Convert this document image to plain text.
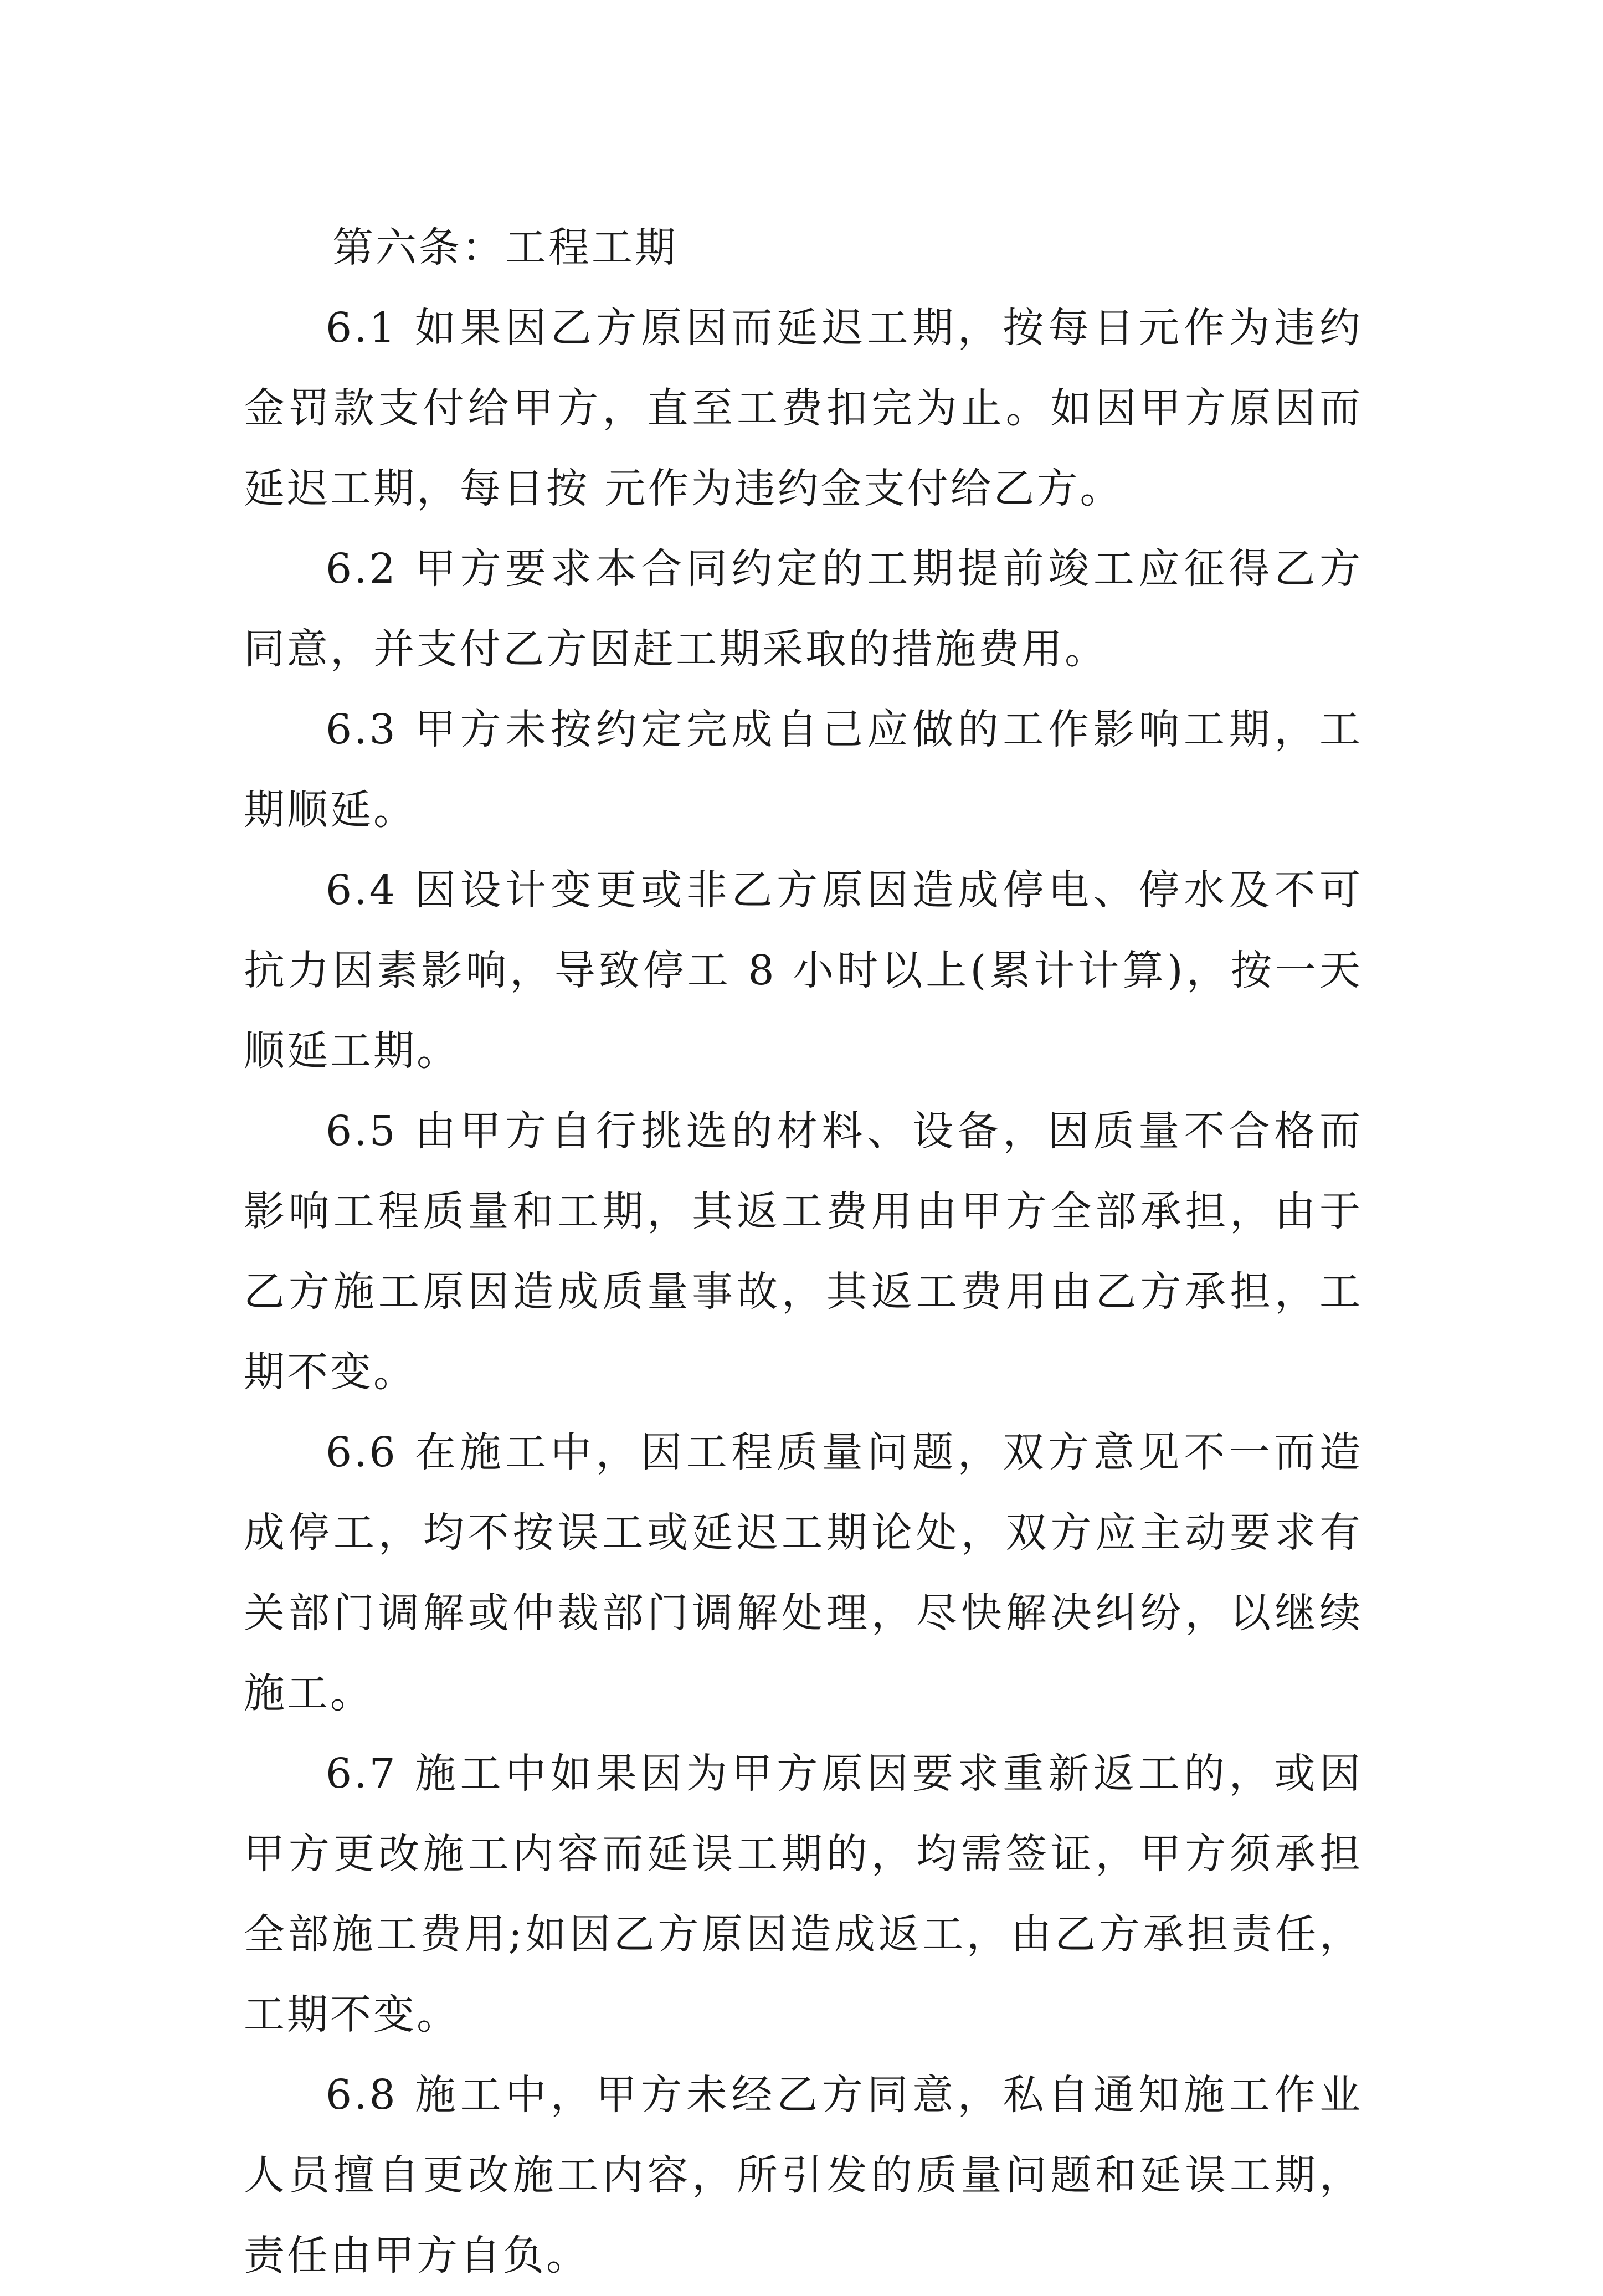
第六条：工程工期

6.1 如果因乙方原因而延迟工期，按每日元作为违约金罚款支付给甲方，直至工费扣完为止。如因甲方原因而延迟工期，每日按 元作为违约金支付给乙方。

6.2 甲方要求本合同约定的工期提前竣工应征得乙方同意，并支付乙方因赶工期采取的措施费用。

6.3 甲方未按约定完成自己应做的工作影响工期，工期顺延。

6.4 因设计变更或非乙方原因造成停电、停水及不可抗力因素影响，导致停工 8 小时以上(累计计算)，按一天顺延工期。

6.5 由甲方自行挑选的材料、设备，因质量不合格而影响工程质量和工期，其返工费用由甲方全部承担，由于乙方施工原因造成质量事故，其返工费用由乙方承担，工期不变。

6.6 在施工中，因工程质量问题，双方意见不一而造成停工，均不按误工或延迟工期论处，双方应主动要求有关部门调解或仲裁部门调解处理，尽快解决纠纷，以继续施工。

6.7 施工中如果因为甲方原因要求重新返工的，或因甲方更改施工内容而延误工期的，均需签证，甲方须承担全部施工费用;如因乙方原因造成返工，由乙方承担责任，工期不变。

6.8 施工中，甲方未经乙方同意，私自通知施工作业人员擅自更改施工内容，所引发的质量问题和延误工期，责任由甲方自负。
